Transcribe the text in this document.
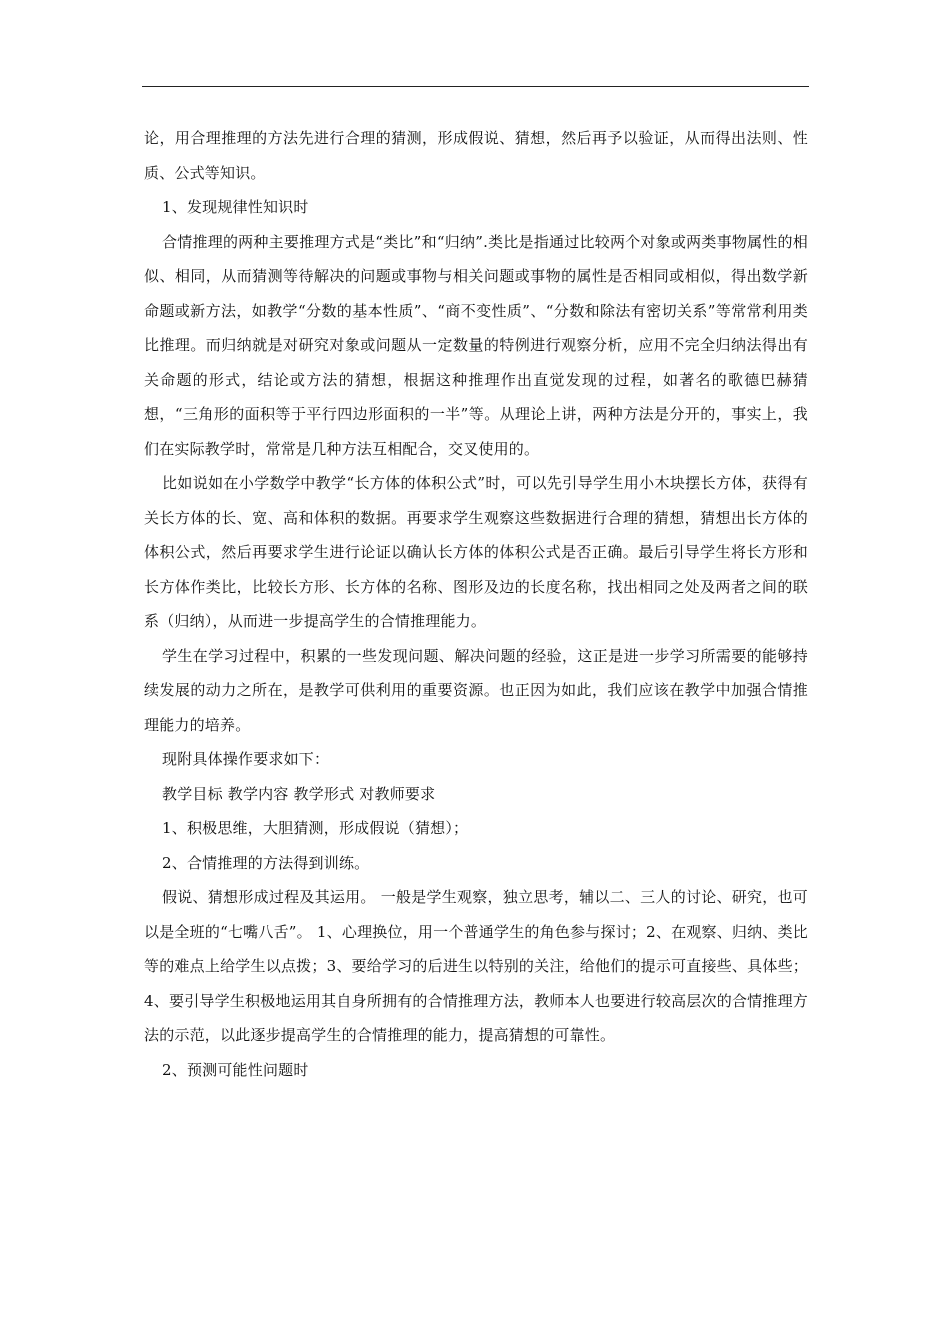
论，用合理推理的方法先进行合理的猜测，形成假说、猜想，然后再予以验证，从而得出法则、性质、公式等知识。

1、发现规律性知识时

合情推理的两种主要推理方式是“类比”和“归纳”.类比是指通过比较两个对象或两类事物属性的相似、相同，从而猜测等待解决的问题或事物与相关问题或事物的属性是否相同或相似，得出数学新命题或新方法，如教学“分数的基本性质”、“商不变性质”、“分数和除法有密切关系”等常常利用类比推理。而归纳就是对研究对象或问题从一定数量的特例进行观察分析，应用不完全归纳法得出有关命题的形式，结论或方法的猜想，根据这种推理作出直觉发现的过程，如著名的歌德巴赫猜想，“三角形的面积等于平行四边形面积的一半”等。从理论上讲，两种方法是分开的，事实上，我们在实际教学时，常常是几种方法互相配合，交叉使用的。

比如说如在小学数学中教学“长方体的体积公式”时，可以先引导学生用小木块摆长方体，获得有关长方体的长、宽、高和体积的数据。再要求学生观察这些数据进行合理的猜想，猜想出长方体的体积公式，然后再要求学生进行论证以确认长方体的体积公式是否正确。最后引导学生将长方形和长方体作类比，比较长方形、长方体的名称、图形及边的长度名称，找出相同之处及两者之间的联系（归纳），从而进一步提高学生的合情推理能力。

学生在学习过程中，积累的一些发现问题、解决问题的经验，这正是进一步学习所需要的能够持续发展的动力之所在，是教学可供利用的重要资源。也正因为如此，我们应该在教学中加强合情推理能力的培养。

现附具体操作要求如下：

教学目标 教学内容 教学形式 对教师要求

1、积极思维，大胆猜测，形成假说（猜想）；

2、合情推理的方法得到训练。

假说、猜想形成过程及其运用。 一般是学生观察，独立思考，辅以二、三人的讨论、研究，也可以是全班的“七嘴八舌”。 1、心理换位，用一个普通学生的角色参与探讨；2、在观察、归纳、类比等的难点上给学生以点拨；3、要给学习的后进生以特别的关注，给他们的提示可直接些、具体些；4、要引导学生积极地运用其自身所拥有的合情推理方法，教师本人也要进行较高层次的合情推理方法的示范，以此逐步提高学生的合情推理的能力，提高猜想的可靠性。

2、预测可能性问题时
